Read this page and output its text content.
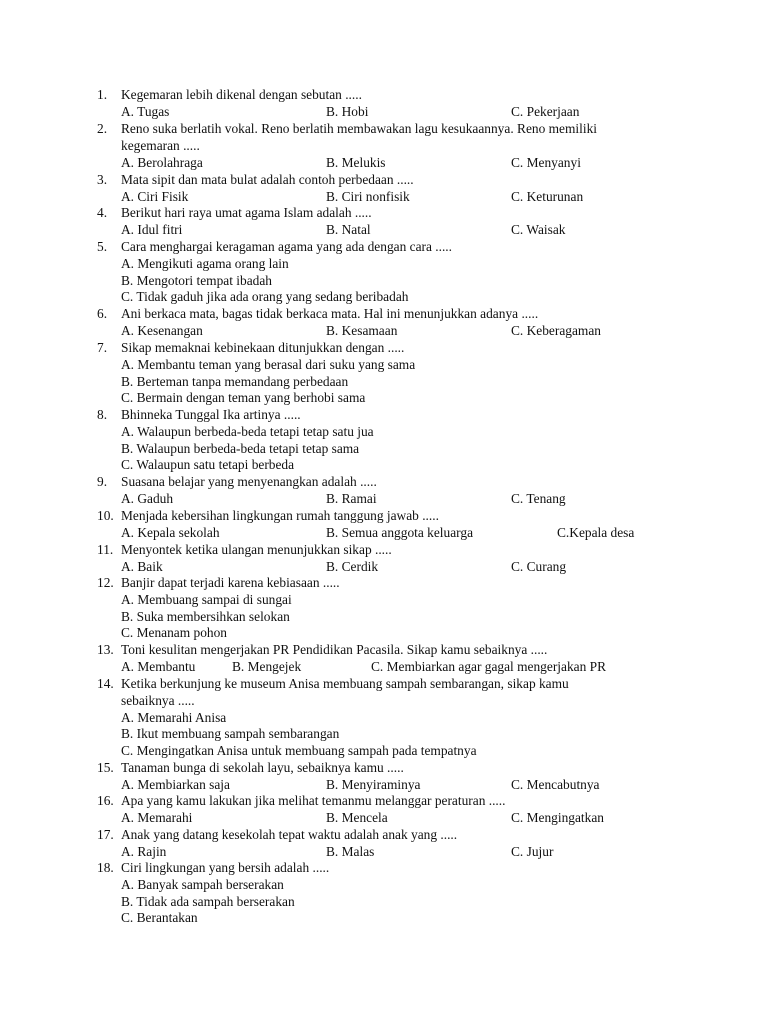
1. Kegemaran lebih dikenal dengan sebutan .....
A. Tugas	B. Hobi	C. Pekerjaan
2. Reno suka berlatih vokal. Reno berlatih membawakan lagu kesukaannya. Reno memiliki
kegemaran .....
A. Berolahraga	B. Melukis	C. Menyanyi
3. Mata sipit dan mata bulat adalah contoh perbedaan .....
A. Ciri Fisik	B. Ciri nonfisik	C. Keturunan
4. Berikut hari raya umat agama Islam adalah .....
A. Idul fitri	B. Natal	C. Waisak
5. Cara menghargai keragaman agama yang ada dengan cara .....
A. Mengikuti agama orang lain
B. Mengotori tempat ibadah
C. Tidak gaduh jika ada orang yang sedang beribadah
6. Ani berkaca mata, bagas tidak berkaca mata. Hal ini menunjukkan adanya .....
A. Kesenangan	B. Kesamaan	C. Keberagaman
7. Sikap memaknai kebinekaan ditunjukkan dengan .....
A. Membantu teman yang berasal dari suku yang sama
B. Berteman tanpa memandang perbedaan
C. Bermain dengan teman yang berhobi sama
8. Bhinneka Tunggal Ika artinya .....
A. Walaupun berbeda-beda tetapi tetap satu jua
B. Walaupun berbeda-beda tetapi tetap sama
C. Walaupun satu tetapi berbeda
9. Suasana belajar yang menyenangkan adalah .....
A. Gaduh	B. Ramai	C. Tenang
10. Menjada kebersihan lingkungan rumah tanggung jawab .....
A. Kepala sekolah	B. Semua anggota keluarga	C.Kepala desa
11. Menyontek ketika ulangan menunjukkan sikap .....
A. Baik	B. Cerdik	C. Curang
12. Banjir dapat terjadi karena kebiasaan .....
A. Membuang sampai di sungai
B. Suka membersihkan selokan
C. Menanam pohon
13. Toni kesulitan mengerjakan PR Pendidikan Pacasila. Sikap kamu sebaiknya .....
A. Membantu	B. Mengejek	C. Membiarkan agar gagal mengerjakan PR
14. Ketika berkunjung ke museum Anisa membuang sampah sembarangan, sikap kamu
sebaiknya .....
A. Memarahi Anisa
B. Ikut membuang sampah sembarangan
C. Mengingatkan Anisa untuk membuang sampah pada tempatnya
15. Tanaman bunga di sekolah layu, sebaiknya kamu .....
A. Membiarkan saja	B. Menyiraminya	C. Mencabutnya
16. Apa yang kamu lakukan jika melihat temanmu melanggar peraturan .....
A. Memarahi	B. Mencela	C. Mengingatkan
17. Anak yang datang kesekolah tepat waktu adalah anak yang .....
A. Rajin	B. Malas	C. Jujur
18. Ciri lingkungan yang bersih adalah .....
A. Banyak sampah berserakan
B. Tidak ada sampah berserakan
C. Berantakan
